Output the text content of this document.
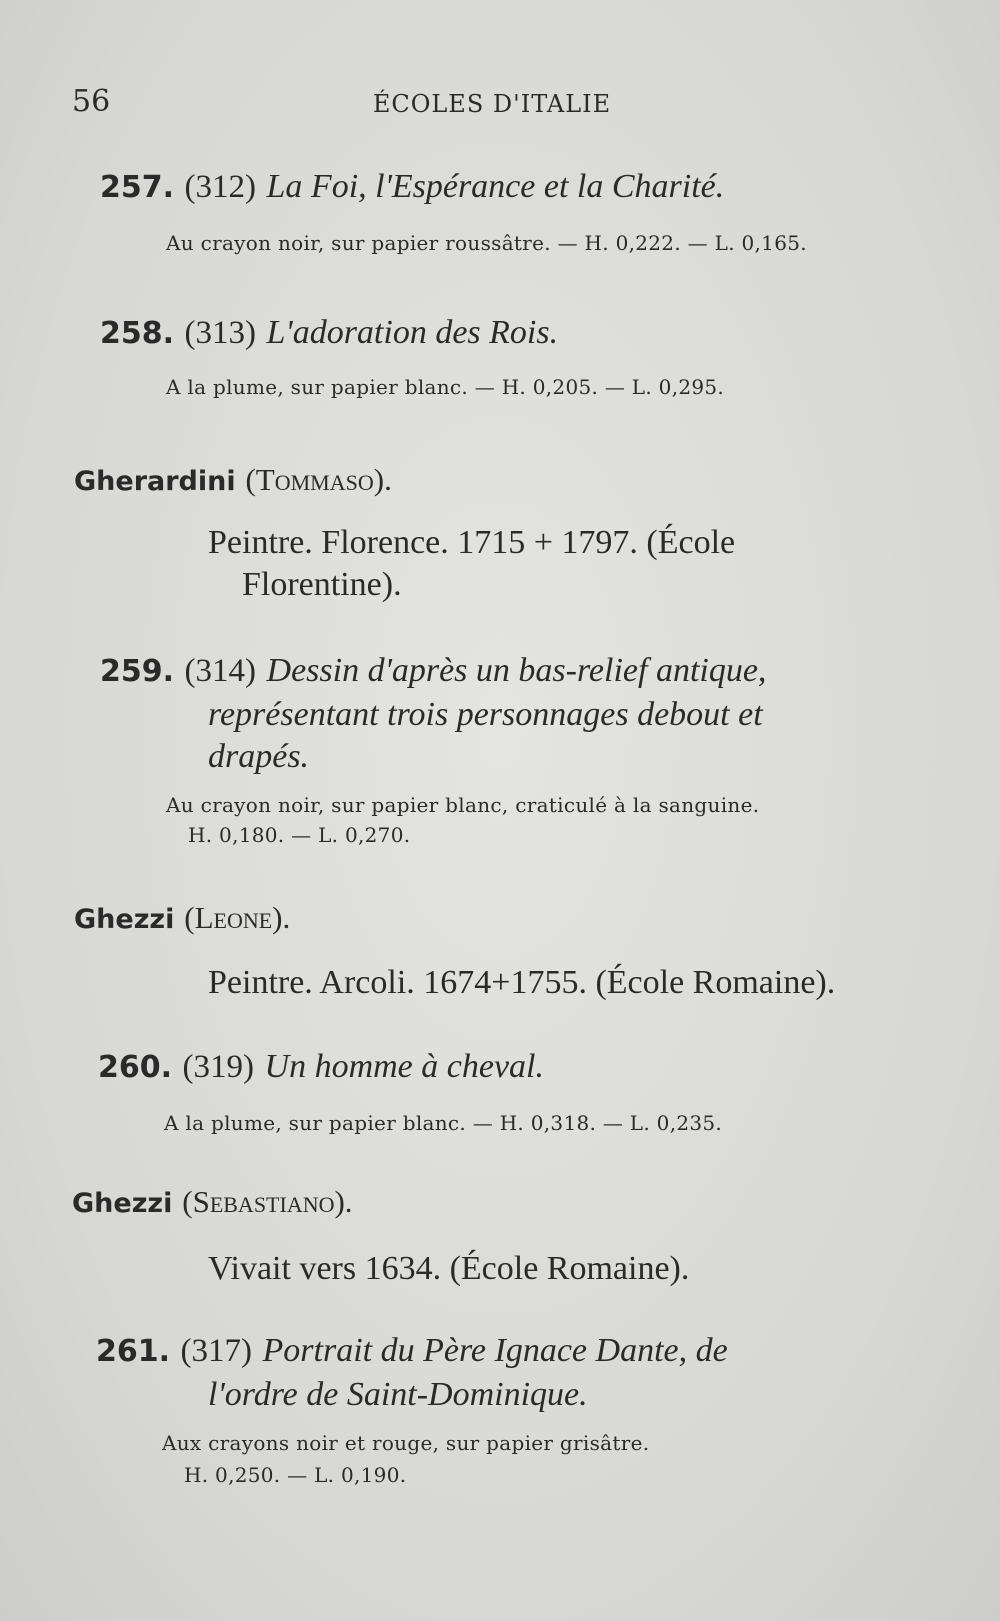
56	ÉCOLES D'ITALIE
257. (312) La Foi, l'Espérance et la Charité.
Au crayon noir, sur papier roussâtre. — H. 0,222. — L. 0,165.
258. (313) L'adoration des Rois.
A la plume, sur papier blanc. — H. 0,205. — L. 0,295.
Gherardini (Tommaso).
Peintre. Florence. 1715 + 1797. (École
Florentine).
259. (314) Dessin d'après un bas-relief antique,
représentant trois personnages debout et
drapés.
Au crayon noir, sur papier blanc, craticulé à la sanguine.
H. 0,180. — L. 0,270.
Ghezzi (Leone).
Peintre. Arcoli. 1674+1755. (École Romaine).
260. (319) Un homme à cheval.
A la plume, sur papier blanc. — H. 0,318. — L. 0,235.
Ghezzi (Sebastiano).
Vivait vers 1634. (École Romaine).
261. (317) Portrait du Père Ignace Dante, de
l'ordre de Saint-Dominique.
Aux crayons noir et rouge, sur papier grisâtre.
H. 0,250. — L. 0,190.
